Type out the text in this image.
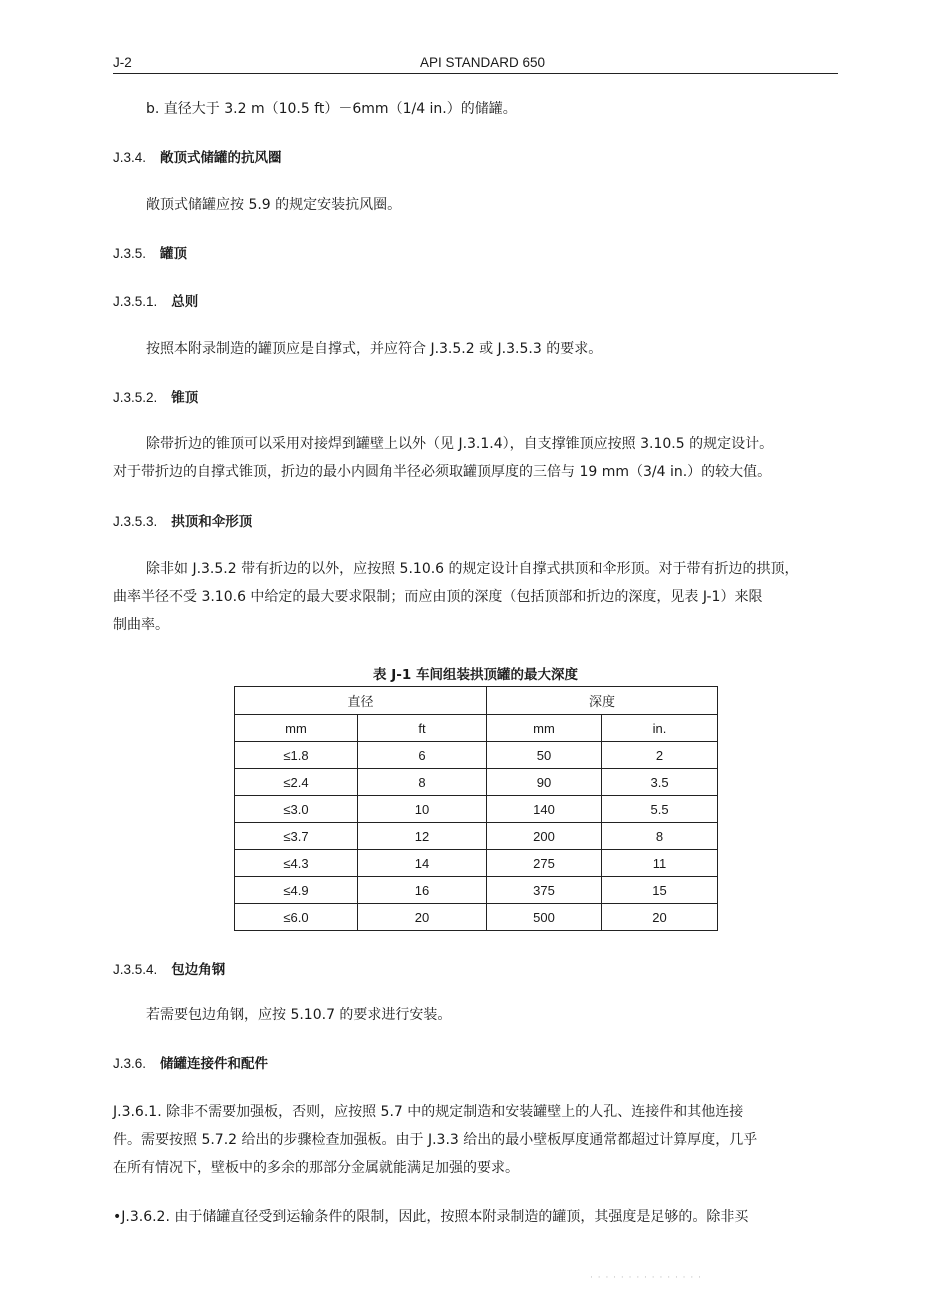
J-2	API STANDARD 650
b. 直径大于 3.2 m（10.5 ft）－6mm（1/4 in.）的储罐。
J.3.4. 敞顶式储罐的抗风圈
敞顶式储罐应按 5.9 的规定安装抗风圈。
J.3.5. 罐顶
J.3.5.1. 总则
按照本附录制造的罐顶应是自撑式，并应符合 J.3.5.2 或 J.3.5.3 的要求。
J.3.5.2. 锥顶
除带折边的锥顶可以采用对接焊到罐壁上以外（见 J.3.1.4），自支撑锥顶应按照 3.10.5 的规定设计。
对于带折边的自撑式锥顶，折边的最小内圆角半径必须取罐顶厚度的三倍与 19 mm（3/4 in.）的较大值。
J.3.5.3. 拱顶和伞形顶
除非如 J.3.5.2 带有折边的以外，应按照 5.10.6 的规定设计自撑式拱顶和伞形顶。对于带有折边的拱顶，
曲率半径不受 3.10.6 中给定的最大要求限制；而应由顶的深度（包括顶部和折边的深度，见表 J-1）来限
制曲率。
表 J-1 车间组装拱顶罐的最大深度
直径		深度	
mm	ft	mm	in.
≤1.8	6	50	2
≤2.4	8	90	3.5
≤3.0	10	140	5.5
≤3.7	12	200	8
≤4.3	14	275	11
≤4.9	16	375	15
≤6.0	20	500	20
J.3.5.4. 包边角钢
若需要包边角钢，应按 5.10.7 的要求进行安装。
J.3.6. 储罐连接件和配件
J.3.6.1. 除非不需要加强板，否则，应按照 5.7 中的规定制造和安装罐壁上的人孔、连接件和其他连接
件。需要按照 5.7.2 给出的步骤检查加强板。由于 J.3.3 给出的最小壁板厚度通常都超过计算厚度，几乎
在所有情况下，壁板中的多余的那部分金属就能满足加强的要求。
•J.3.6.2. 由于储罐直径受到运输条件的限制，因此，按照本附录制造的罐顶，其强度是足够的。除非买
· · · · · · · · · · · · · · ·
